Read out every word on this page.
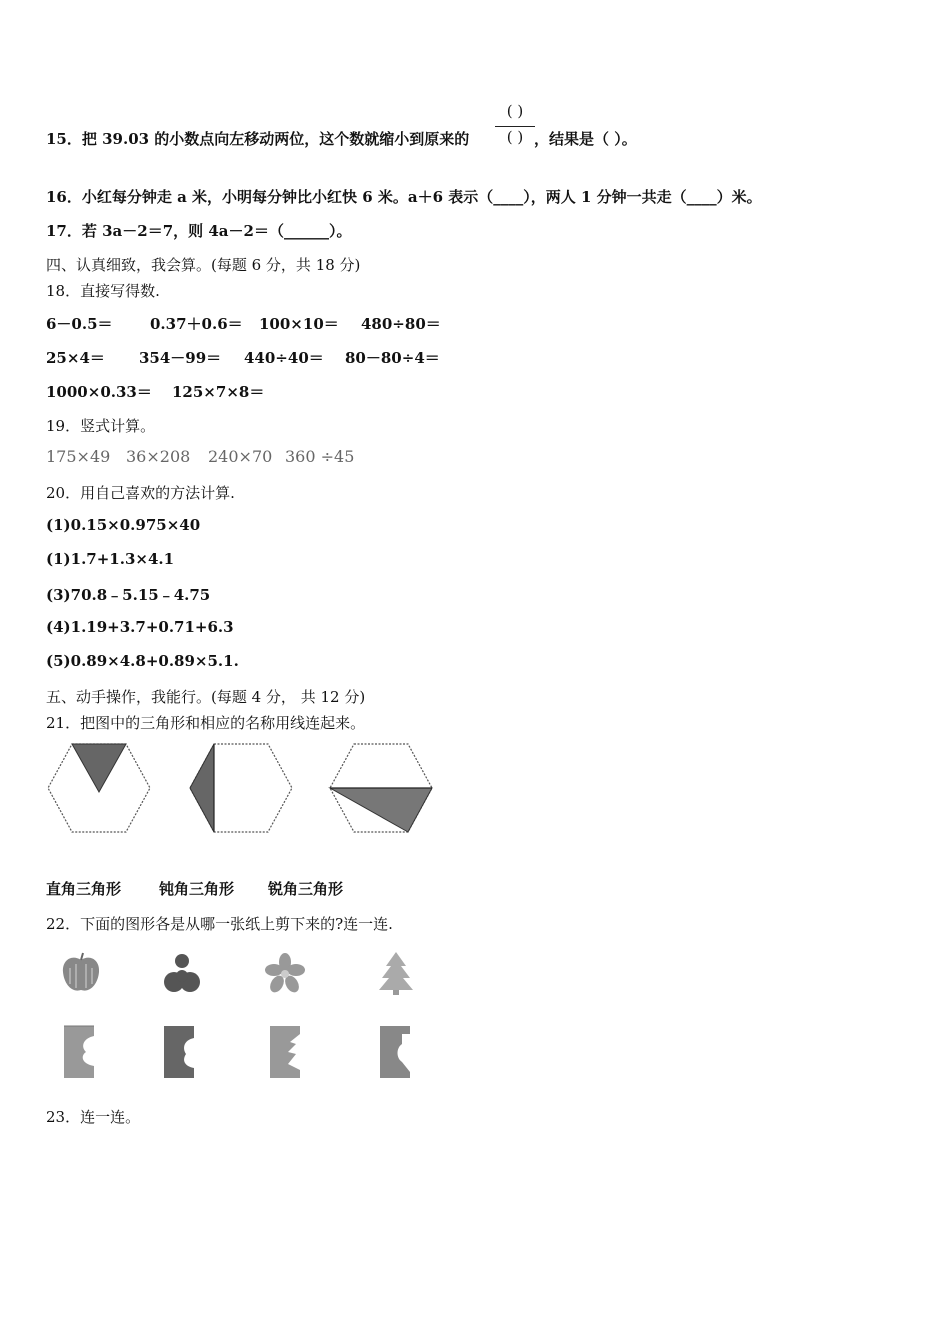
15．把 39.03 的小数点向左移动两位，这个数就缩小到原来的
( )
( ) ，结果是（ ）。
16．小红每分钟走 a 米，小明每分钟比小红快 6 米。a＋6 表示（____），两人 1 分钟一共走（____）米。
17．若 3a－2＝7，则 4a－2＝（______）。
四、认真细致，我会算。(每题 6 分，共 18 分)
18．直接写得数.
6－0.5＝ 0.37＋0.6＝ 100×10＝ 480÷80＝
25×4＝ 354－99＝ 440÷40＝ 80－80÷4＝
1000×0.33＝ 125×7×8＝
19．竖式计算。
175×49 36×208 240×70 360 ÷45
20．用自己喜欢的方法计算.
(1)0.15×0.975×40
(1)1.7+1.3×4.1
(3)70.8﹣5.15﹣4.75
(4)1.19+3.7+0.71+6.3
(5)0.89×4.8+0.89×5.1.
五、动手操作，我能行。(每题 4 分， 共 12 分)
21．把图中的三角形和相应的名称用线连起来。
直角三角形	钝角三角形 锐角三角形
22．下面的图形各是从哪一张纸上剪下来的?连一连.
23．连一连。
